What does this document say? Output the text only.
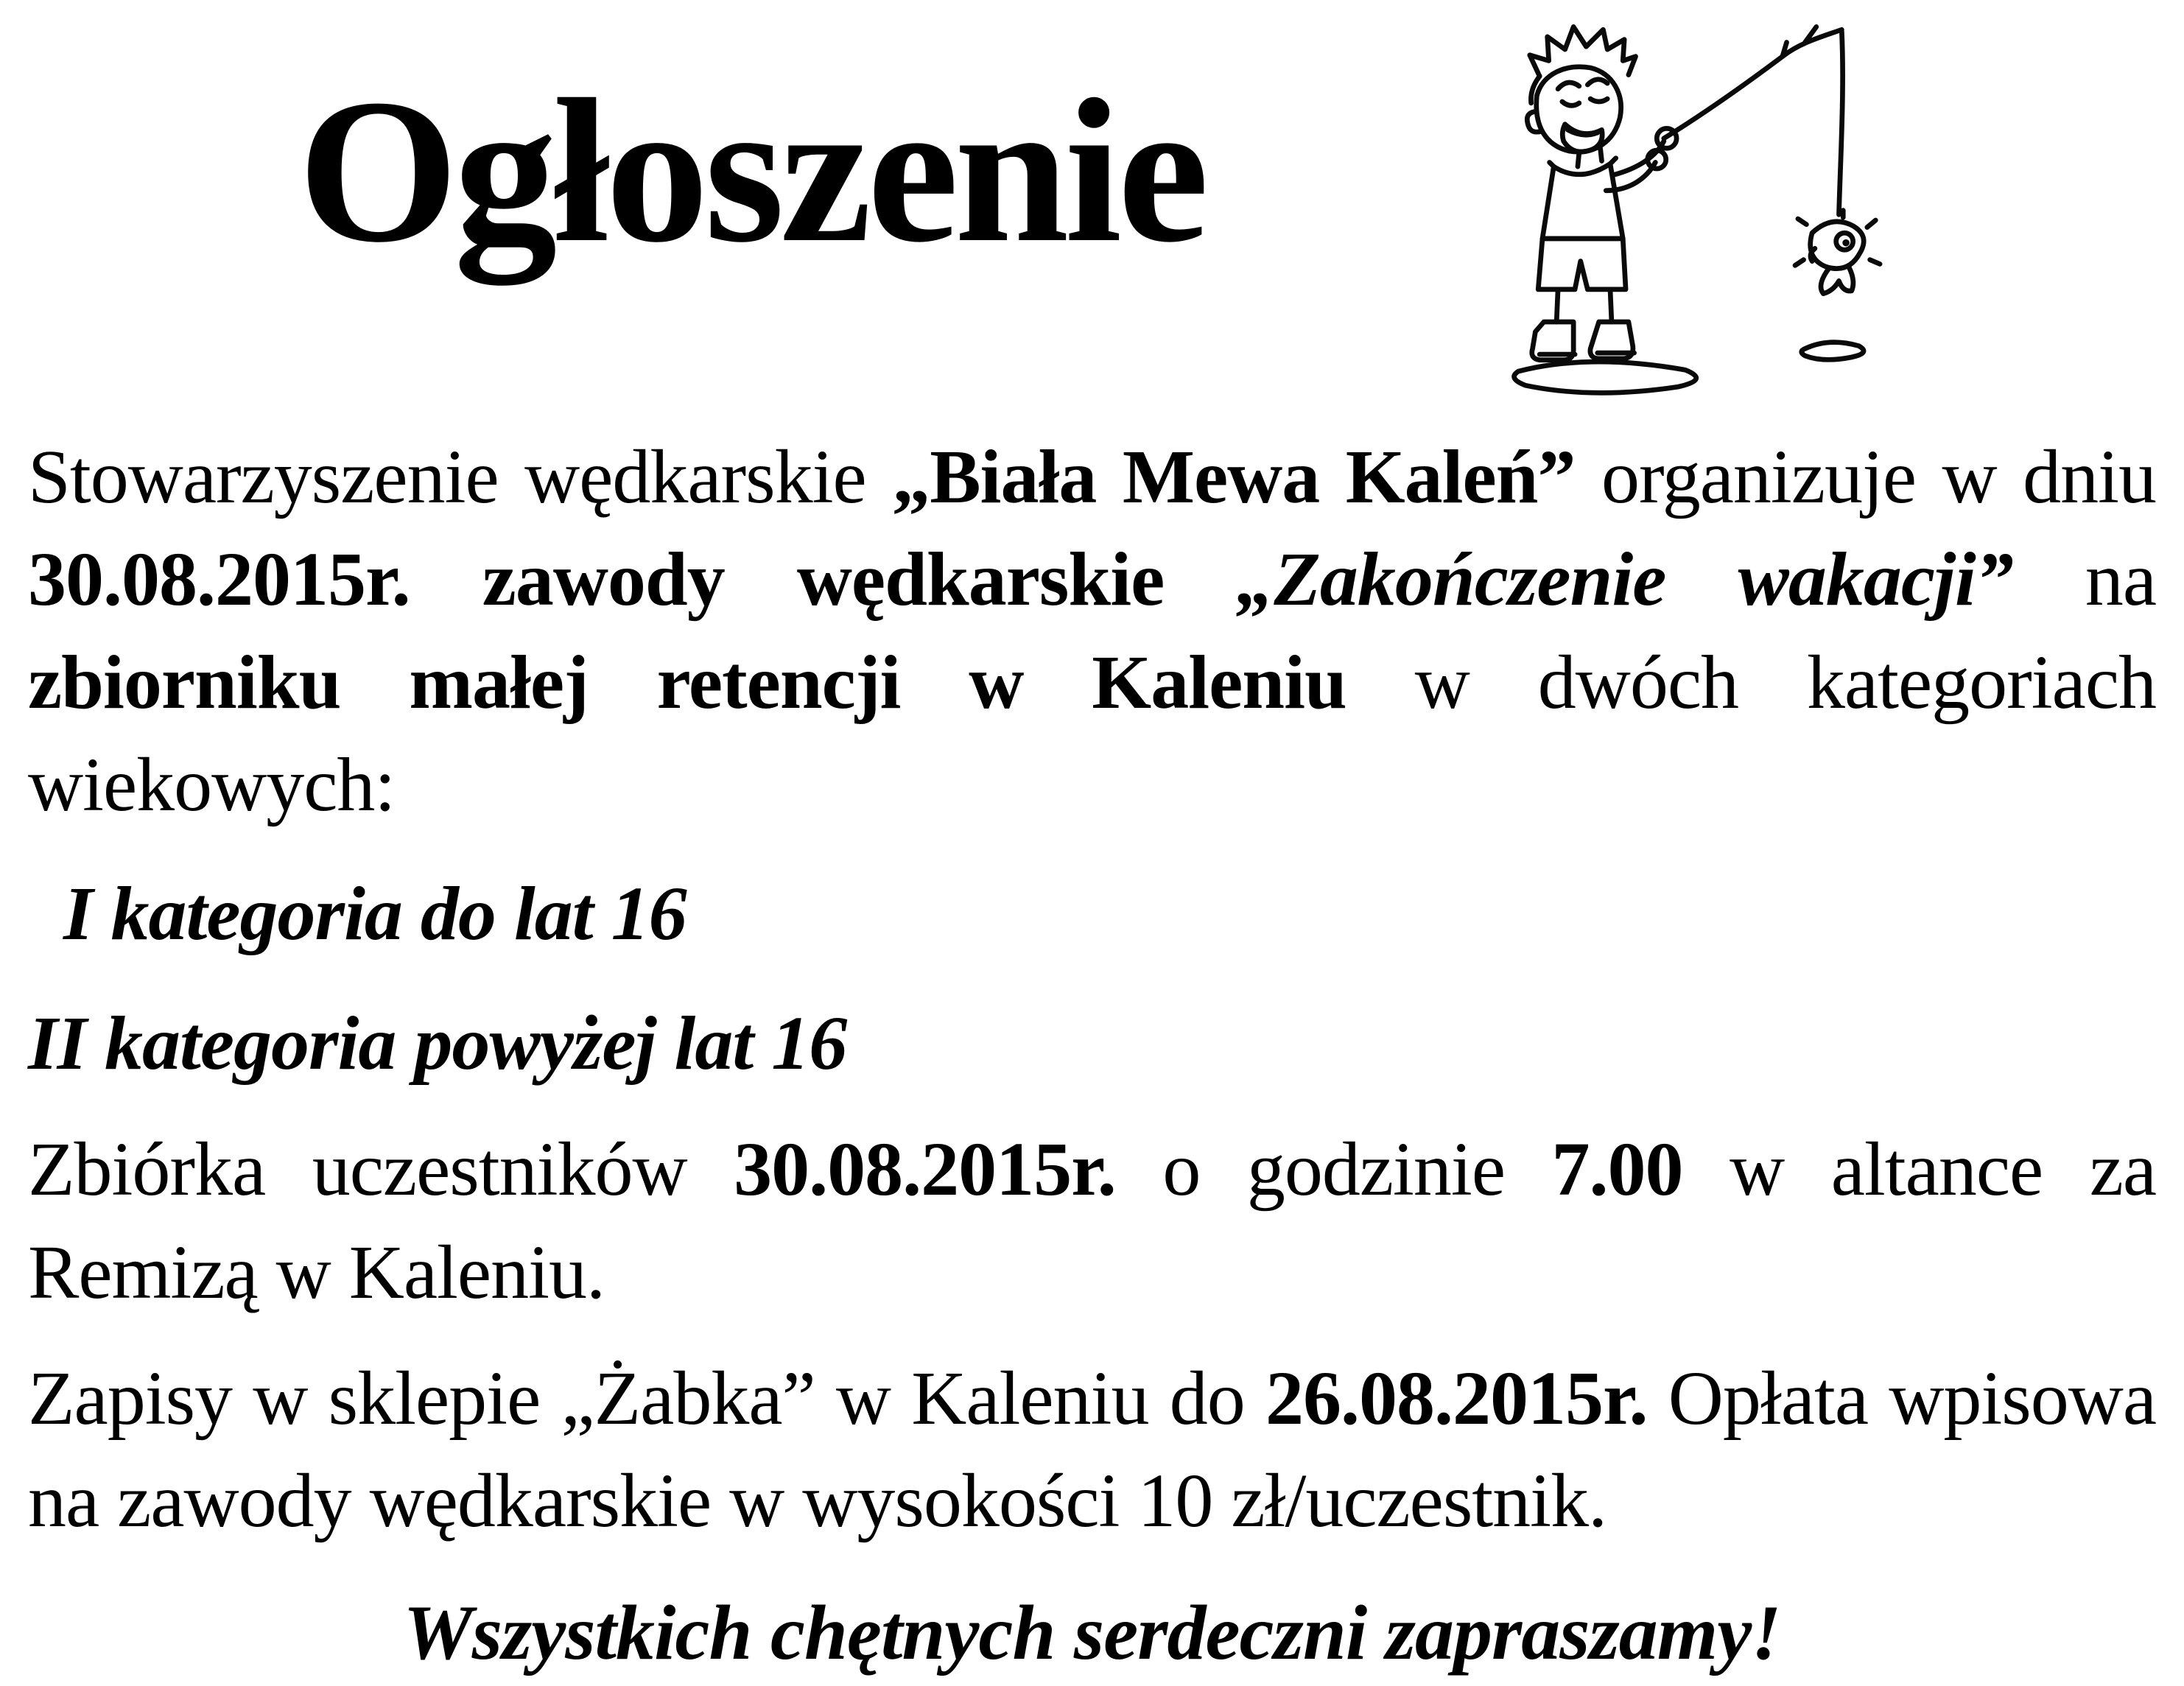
Ogłoszenie

Stowarzyszenie wędkarskie „Biała Mewa Kaleń” organizuje w dniu 30.08.2015r. zawody wędkarskie „Zakończenie wakacji” na zbiorniku małej retencji w Kaleniu w dwóch kategoriach wiekowych:

I kategoria do lat 16

II kategoria powyżej lat 16

Zbiórka uczestników 30.08.2015r. o godzinie 7.00 w altance za Remizą w Kaleniu.

Zapisy w sklepie „Żabka” w Kaleniu do 26.08.2015r. Opłata wpisowa na zawody wędkarskie w wysokości 10 zł/uczestnik.

Wszystkich chętnych serdeczni zapraszamy!
